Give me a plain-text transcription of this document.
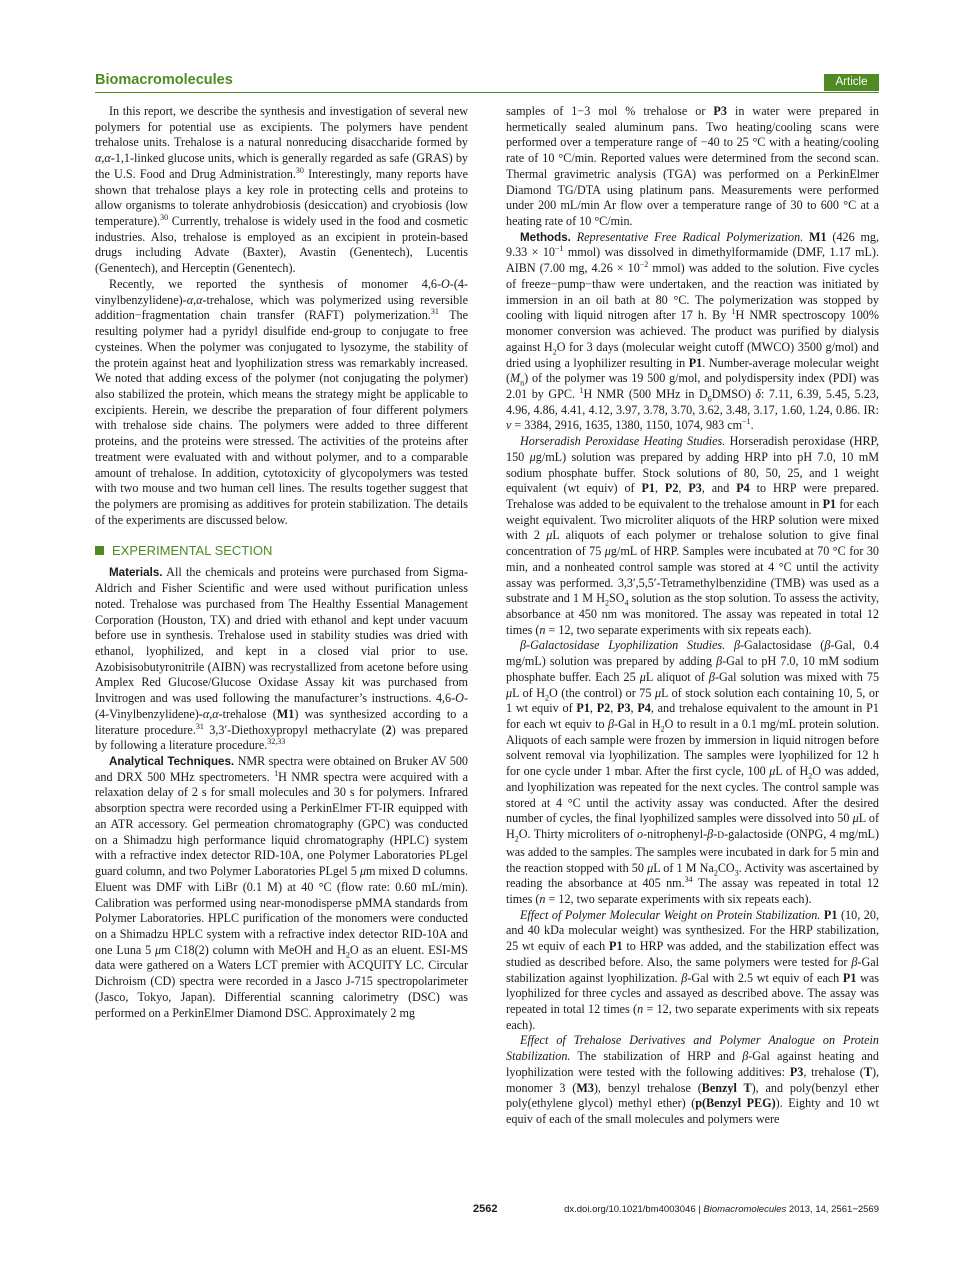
Biomacromolecules	Article

In this report, we describe the synthesis and investigation of several new polymers for potential use as excipients. The polymers have pendent trehalose units. Trehalose is a natural nonreducing disaccharide formed by α,α-1,1-linked glucose units, which is generally regarded as safe (GRAS) by the U.S. Food and Drug Administration.$^{30}$ Interestingly, many reports have shown that trehalose plays a key role in protecting cells and proteins to allow organisms to tolerate anhydrobiosis (desiccation) and cryobiosis (low temperature).$^{30}$ Currently, trehalose is widely used in the food and cosmetic industries. Also, trehalose is employed as an excipient in protein-based drugs including Advate (Baxter), Avastin (Genentech), Lucentis (Genentech), and Herceptin (Genentech).

Recently, we reported the synthesis of monomer 4,6-O-(4-vinylbenzylidene)-α,α-trehalose, which was polymerized using reversible addition−fragmentation chain transfer (RAFT) polymerization.$^{31}$ The resulting polymer had a pyridyl disulfide end-group to conjugate to free cysteines. When the polymer was conjugated to lysozyme, the stability of the protein against heat and lyophilization stress was remarkably increased. We noted that adding excess of the polymer (not conjugating the polymer) also stabilized the protein, which means the strategy might be applicable to excipients. Herein, we describe the preparation of four different polymers with trehalose side chains. The polymers were added to three different proteins, and the proteins were stressed. The activities of the proteins after treatment were evaluated with and without polymer, and to a comparable amount of trehalose. In addition, cytotoxicity of glycopolymers was tested with two mouse and two human cell lines. The results together suggest that the polymers are promising as additives for protein stabilization. The details of the experiments are discussed below.

EXPERIMENTAL SECTION

Materials. All the chemicals and proteins were purchased from Sigma-Aldrich and Fisher Scientific and were used without purification unless noted. Trehalose was purchased from The Healthy Essential Management Corporation (Houston, TX) and dried with ethanol and kept under vacuum before use in synthesis. Trehalose used in stability studies was dried with ethanol, lyophilized, and kept in a closed vial prior to use. Azobisisobutyronitrile (AIBN) was recrystallized from acetone before using Amplex Red Glucose/Glucose Oxidase Assay kit was purchased from Invitrogen and was used following the manufacturer’s instructions. 4,6-O-(4-Vinylbenzylidene)-α,α-trehalose (M1) was synthesized according to a literature procedure.$^{31}$ 3,3′-Diethoxypropyl methacrylate (2) was prepared by following a literature procedure.$^{32,33}$

Analytical Techniques. NMR spectra were obtained on Bruker AV 500 and DRX 500 MHz spectrometers. $^1$H NMR spectra were acquired with a relaxation delay of 2 s for small molecules and 30 s for polymers. Infrared absorption spectra were recorded using a PerkinElmer FT-IR equipped with an ATR accessory. Gel permeation chromatography (GPC) was conducted on a Shimadzu high performance liquid chromatography (HPLC) system with a refractive index detector RID-10A, one Polymer Laboratories PLgel guard column, and two Polymer Laboratories PLgel 5 μm mixed D columns. Eluent was DMF with LiBr (0.1 M) at 40 °C (flow rate: 0.60 mL/min). Calibration was performed using near-monodisperse pMMA standards from Polymer Laboratories. HPLC purification of the monomers were conducted on a Shimadzu HPLC system with a refractive index detector RID-10A and one Luna 5 μm C18(2) column with MeOH and $H_2O$ as an eluent. ESI-MS data were gathered on a Waters LCT premier with ACQUITY LC. Circular Dichroism (CD) spectra were recorded in a Jasco J-715 spectropolarimeter (Jasco, Tokyo, Japan). Differential scanning calorimetry (DSC) was performed on a PerkinElmer Diamond DSC. Approximately 2 mg

samples of 1−3 mol % trehalose or P3 in water were prepared in hermetically sealed aluminum pans. Two heating/cooling scans were performed over a temperature range of −40 to 25 °C with a heating/cooling rate of 10 °C/min. Reported values were determined from the second scan. Thermal gravimetric analysis (TGA) was performed on a PerkinElmer Diamond TG/DTA using platinum pans. Measurements were performed under 200 mL/min Ar flow over a temperature range of 30 to 600 °C at a heating rate of 10 °C/min.

Methods. Representative Free Radical Polymerization. M1 (426 mg, $9.33 \times 10^{-1}$ mmol) was dissolved in dimethylformamide (DMF, 1.17 mL). AIBN (7.00 mg, $4.26 \times 10^{-2}$ mmol) was added to the solution. Five cycles of freeze−pump−thaw were undertaken, and the reaction was initiated by immersion in an oil bath at 80 °C. The polymerization was stopped by cooling with liquid nitrogen after 17 h. By $^1$H NMR spectroscopy 100% monomer conversion was achieved. The product was purified by dialysis against $H_2O$ for 3 days (molecular weight cutoff (MWCO) 3500 g/mol) and dried using a lyophilizer resulting in P1. Number-average molecular weight $(M_n)$ of the polymer was 19 500 g/mol, and polydispersity index (PDI) was 2.01 by GPC. $^1$H NMR (500 MHz in $D_6DMSO$) δ: 7.11, 6.39, 5.45, 5.23, 4.96, 4.86, 4.41, 4.12, 3.97, 3.78, 3.70, 3.62, 3.48, 3.17, 1.60, 1.24, 0.86. IR: ν = 3384, 2916, 1635, 1380, 1150, 1074, 983 $cm^{-1}$.

Horseradish Peroxidase Heating Studies. Horseradish peroxidase (HRP, 150 μg/mL) solution was prepared by adding HRP into pH 7.0, 10 mM sodium phosphate buffer. Stock solutions of 80, 50, 25, and 1 weight equivalent (wt equiv) of P1, P2, P3, and P4 to HRP were prepared. Trehalose was added to be equivalent to the trehalose amount in P1 for each weight equivalent. Two microliter aliquots of the HRP solution were mixed with 2 μL aliquots of each polymer or trehalose solution to give final concentration of 75 μg/mL of HRP. Samples were incubated at 70 °C for 30 min, and a nonheated control sample was stored at 4 °C until the activity assay was performed. 3,3′,5,5′-Tetramethylbenzidine (TMB) was used as a substrate and 1 M $H_2SO_4$ solution as the stop solution. To assess the activity, absorbance at 450 nm was monitored. The assay was repeated in total 12 times (n = 12, two separate experiments with six repeats each).

β-Galactosidase Lyophilization Studies. β-Galactosidase (β-Gal, 0.4 mg/mL) solution was prepared by adding β-Gal to pH 7.0, 10 mM sodium phosphate buffer. Each 25 μL aliquot of β-Gal solution was mixed with 75 μL of $H_2O$ (the control) or 75 μL of stock solution each containing 10, 5, or 1 wt equiv of P1, P2, P3, P4, and trehalose equivalent to the amount in P1 for each wt equiv to β-Gal in $H_2O$ to result in a 0.1 mg/mL protein solution. Aliquots of each sample were frozen by immersion in liquid nitrogen before solvent removal via lyophilization. The samples were lyophilized for 12 h for one cycle under 1 mbar. After the first cycle, 100 μL of $H_2O$ was added, and lyophilization was repeated for the next cycles. The control sample was stored at 4 °C until the activity assay was conducted. After the desired number of cycles, the final lyophilized samples were dissolved into 50 μL of $H_2O$. Thirty microliters of o-nitrophenyl-β-D-galactoside (ONPG, 4 mg/mL) was added to the samples. The samples were incubated in dark for 5 min and the reaction stopped with 50 μL of 1 M $Na_2CO_3$. Activity was ascertained by reading the absorbance at 405 nm.$^{34}$ The assay was repeated in total 12 times (n = 12, two separate experiments with six repeats each).

Effect of Polymer Molecular Weight on Protein Stabilization. P1 (10, 20, and 40 kDa molecular weight) was synthesized. For the HRP stabilization, 25 wt equiv of each P1 to HRP was added, and the stabilization effect was studied as described before. Also, the same polymers were tested for β-Gal stabilization against lyophilization. β-Gal with 2.5 wt equiv of each P1 was lyophilized for three cycles and assayed as described above. The assay was repeated in total 12 times (n = 12, two separate experiments with six repeats each).

Effect of Trehalose Derivatives and Polymer Analogue on Protein Stabilization. The stabilization of HRP and β-Gal against heating and lyophilization were tested with the following additives: P3, trehalose (T), monomer 3 (M3), benzyl trehalose (Benzyl T), and poly(benzyl ether poly(ethylene glycol) methyl ether) (p(Benzyl PEG)). Eighty and 10 wt equiv of each of the small molecules and polymers were

2562	dx.doi.org/10.1021/bm4003046 | Biomacromolecules 2013, 14, 2561−2569
